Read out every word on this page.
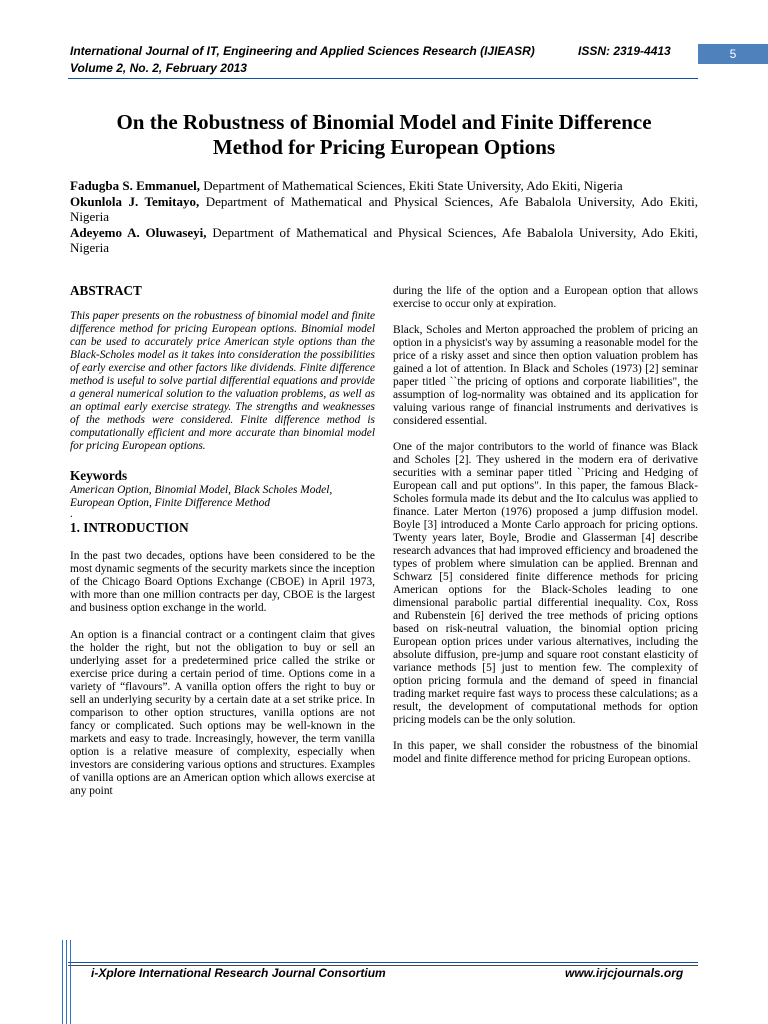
International Journal of IT, Engineering and Applied Sciences Research (IJIEASR)	ISSN: 2319-4413
Volume 2, No. 2, February 2013
5
On the Robustness of Binomial Model and Finite Difference
Method for Pricing European Options

Fadugba S. Emmanuel, Department of Mathematical Sciences, Ekiti State University, Ado Ekiti, Nigeria

Okunlola J. Temitayo, Department of Mathematical and Physical Sciences, Afe Babalola University, Ado Ekiti, Nigeria

Adeyemo A. Oluwaseyi, Department of Mathematical and Physical Sciences, Afe Babalola University, Ado Ekiti, Nigeria

ABSTRACT

This paper presents on the robustness of binomial model and finite difference method for pricing European options. Binomial model can be used to accurately price American style options than the Black-Scholes model as it takes into consideration the possibilities of early exercise and other factors like dividends. Finite difference method is useful to solve partial differential equations and provide a general numerical solution to the valuation problems, as well as an optimal early exercise strategy. The strengths and weaknesses of the methods were considered. Finite difference method is computationally efficient and more accurate than binomial model for pricing European options.

Keywords

American Option, Binomial Model, Black Scholes Model, European Option, Finite Difference Method

.
1. INTRODUCTION

In the past two decades, options have been considered to be the most dynamic segments of the security markets since the inception of the Chicago Board Options Exchange (CBOE) in April 1973, with more than one million contracts per day, CBOE is the largest and business option exchange in the world.

An option is a financial contract or a contingent claim that gives the holder the right, but not the obligation to buy or sell an underlying asset for a predetermined price called the strike or exercise price during a certain period of time. Options come in a variety of “flavours”. A vanilla option offers the right to buy or sell an underlying security by a certain date at a set strike price. In comparison to other option structures, vanilla options are not fancy or complicated. Such options may be well-known in the markets and easy to trade. Increasingly, however, the term vanilla option is a relative measure of complexity, especially when investors are considering various options and structures. Examples of vanilla options are an American option which allows exercise at any point

during the life of the option and a European option that allows exercise to occur only at expiration.

Black, Scholes and Merton approached the problem of pricing an option in a physicist's way by assuming a reasonable model for the price of a risky asset and since then option valuation problem has gained a lot of attention. In Black and Scholes (1973) [2] seminar paper titled ``the pricing of options and corporate liabilities", the assumption of log-normality was obtained and its application for valuing various range of financial instruments and derivatives is considered essential.

One of the major contributors to the world of finance was Black and Scholes [2]. They ushered in the modern era of derivative securities with a seminar paper titled ``Pricing and Hedging of European call and put options". In this paper, the famous Black-Scholes formula made its debut and the Ito calculus was applied to finance. Later Merton (1976) proposed a jump diffusion model. Boyle [3] introduced a Monte Carlo approach for pricing options. Twenty years later, Boyle, Brodie and Glasserman [4] describe research advances that had improved efficiency and broadened the types of problem where simulation can be applied. Brennan and Schwarz [5] considered finite difference methods for pricing American options for the Black-Scholes leading to one dimensional parabolic partial differential inequality. Cox, Ross and Rubenstein [6] derived the tree methods of pricing options based on risk-neutral valuation, the binomial option pricing European option prices under various alternatives, including the absolute diffusion, pre-jump and square root constant elasticity of variance methods [5] just to mention few. The complexity of option pricing formula and the demand of speed in financial trading market require fast ways to process these calculations; as a result, the development of computational methods for option pricing models can be the only solution.

In this paper, we shall consider the robustness of the binomial model and finite difference method for pricing European options.

i-Xplore International Research Journal Consortium	www.irjcjournals.org
